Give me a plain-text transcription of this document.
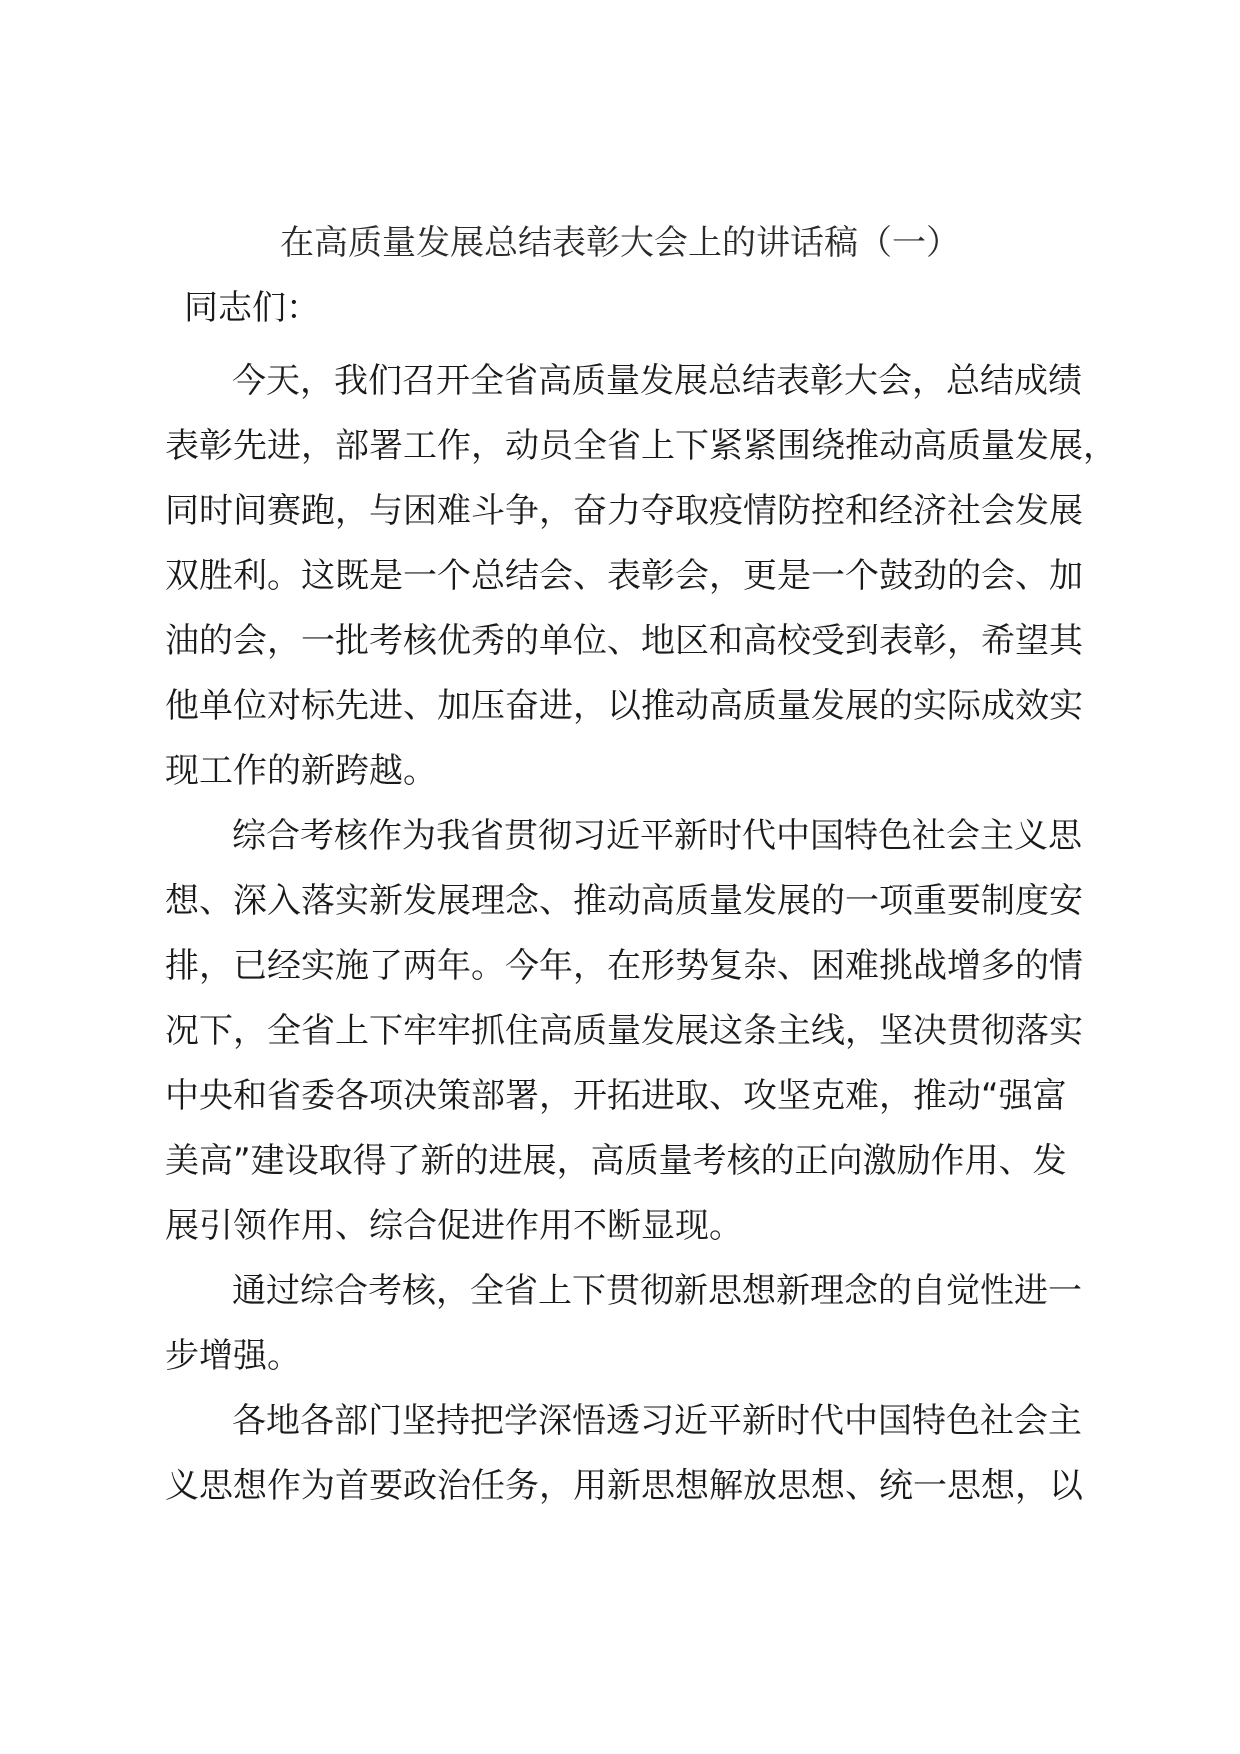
在高质量发展总结表彰大会上的讲话稿（一）
同志们：
今天，我们召开全省高质量发展总结表彰大会，总结成绩
表彰先进，部署工作，动员全省上下紧紧围绕推动高质量发展，
同时间赛跑，与困难斗争，奋力夺取疫情防控和经济社会发展
双胜利。这既是一个总结会、表彰会，更是一个鼓劲的会、加
油的会，一批考核优秀的单位、地区和高校受到表彰，希望其
他单位对标先进、加压奋进，以推动高质量发展的实际成效实
现工作的新跨越。
综合考核作为我省贯彻习近平新时代中国特色社会主义思
想、深入落实新发展理念、推动高质量发展的一项重要制度安
排，已经实施了两年。今年，在形势复杂、困难挑战增多的情
况下，全省上下牢牢抓住高质量发展这条主线，坚决贯彻落实
中央和省委各项决策部署，开拓进取、攻坚克难，推动“强富
美高”建设取得了新的进展，高质量考核的正向激励作用、发
展引领作用、综合促进作用不断显现。
通过综合考核，全省上下贯彻新思想新理念的自觉性进一
步增强。
各地各部门坚持把学深悟透习近平新时代中国特色社会主
义思想作为首要政治任务，用新思想解放思想、统一思想，以
